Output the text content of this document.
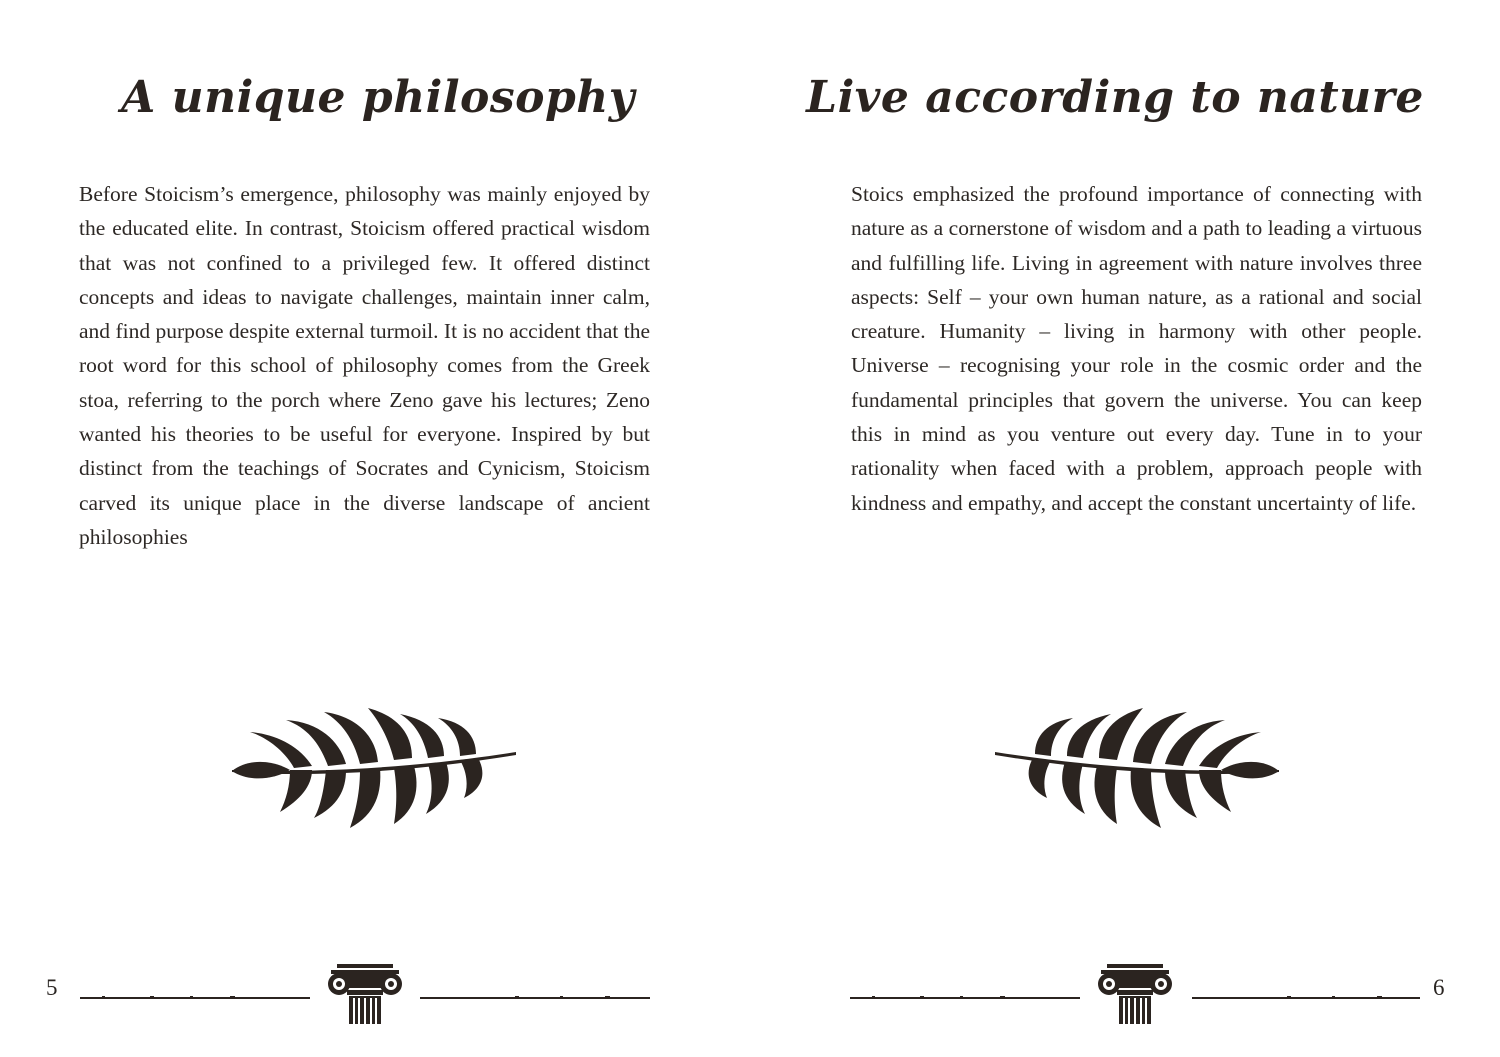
A unique philosophy

Before Stoicism’s emergence, philosophy was mainly enjoyed by the educated elite. In contrast, Stoicism offered practical wisdom that was not confined to a privileged few. It offered distinct concepts and ideas to navigate challenges, maintain inner calm, and find purpose despite external turmoil. It is no accident that the root word for this school of philosophy comes from the Greek stoa, referring to the porch where Zeno gave his lectures; Zeno wanted his theories to be useful for everyone. Inspired by but distinct from the teachings of Socrates and Cynicism, Stoicism carved its unique place in the diverse landscape of ancient philosophies

5
Live according to nature

Stoics emphasized the profound importance of connecting with nature as a cornerstone of wisdom and a path to leading a virtuous and fulfilling life. Living in agreement with nature involves three aspects: Self – your own human nature, as a rational and social creature. Humanity – living in harmony with other people. Universe – recognising your role in the cosmic order and the fundamental principles that govern the universe. You can keep this in mind as you venture out every day. Tune in to your rationality when faced with a problem, approach people with kindness and empathy, and accept the constant uncertainty of life.

6
